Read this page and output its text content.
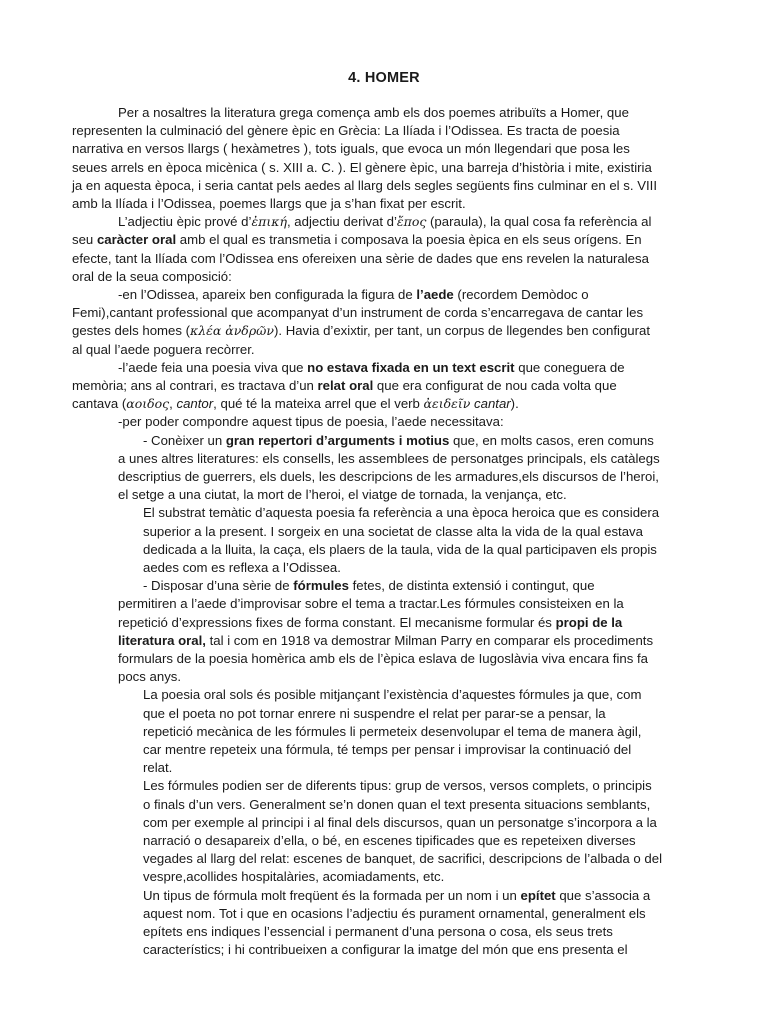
4. HOMER
Per a nosaltres la literatura grega comença amb els dos poemes atribuïts a Homer, que
representen la culminació del gènere èpic en Grècia: La Ilíada i l’Odissea. Es tracta de poesia
narrativa en versos llargs ( hexàmetres ), tots iguals, que evoca un món llegendari que posa les
seues arrels en època micènica ( s. XIII a. C. ). El gènere èpic, una barreja d’història i mite, existiria
ja en aquesta època, i seria cantat pels aedes al llarg dels segles següents fins culminar en el s. VIII
amb la Ilíada i l’Odissea, poemes llargs que ja s’han fixat per escrit.
L’adjectiu èpic prové d’ἐπική, adjectiu derivat d’ἔπος (paraula), la qual cosa fa referència al
seu caràcter oral amb el qual es transmetia i composava la poesia èpica en els seus orígens. En
efecte, tant la Ilíada com l’Odissea ens ofereixen una sèrie de dades que ens revelen la naturalesa
oral de la seua composició:
-en l’Odissea, apareix ben configurada la figura de l’aede (recordem Demòdoc o
Femi),cantant professional que acompanyat d’un instrument de corda s’encarregava de cantar les
gestes dels homes (κλέα ἀνδρῶν). Havia d’exixtir, per tant, un corpus de llegendes ben configurat
al qual l’aede poguera recòrrer.
-l’aede feia una poesia viva que no estava fixada en un text escrit que coneguera de
memòria; ans al contrari, es tractava d’un relat oral que era configurat de nou cada volta que
cantava (αοιδος, cantor, qué té la mateixa arrel que el verb ἀειδεῖν cantar).
-per poder compondre aquest tipus de poesia, l’aede necessitava:
- Conèixer un gran repertori d’arguments i motius que, en molts casos, eren comuns
a unes altres literatures: els consells, les assemblees de personatges principals, els catàlegs
descriptius de guerrers, els duels, les descripcions de les armadures,els discursos de l’heroi,
el setge a una ciutat, la mort de l’heroi, el viatge de tornada, la venjança, etc.
El substrat temàtic d’aquesta poesia fa referència a una època heroica que es considera
superior a la present. I sorgeix en una societat de classe alta la vida de la qual estava
dedicada a la lluita, la caça, els plaers de la taula, vida de la qual participaven els propis
aedes com es reflexa a l’Odissea.
- Disposar d’una sèrie de fórmules fetes, de distinta extensió i contingut, que
permitiren a l’aede d’improvisar sobre el tema a tractar.Les fórmules consisteixen en la
repetició d’expressions fixes de forma constant. El mecanisme formular és propi de la
literatura oral, tal i com en 1918 va demostrar Milman Parry en comparar els procediments
formulars de la poesia homèrica amb els de l’èpica eslava de Iugoslàvia viva encara fins fa
pocs anys.
La poesia oral sols és posible mitjançant l’existència d’aquestes fórmules ja que, com
que el poeta no pot tornar enrere ni suspendre el relat per parar-se a pensar, la
repetició mecànica de les fórmules li permeteix desenvolupar el tema de manera àgil,
car mentre repeteix una fórmula, té temps per pensar i improvisar la continuació del
relat.
Les fórmules podien ser de diferents tipus: grup de versos, versos complets, o principis
o finals d’un vers. Generalment se’n donen quan el text presenta situacions semblants,
com per exemple al principi i al final dels discursos, quan un personatge s’incorpora a la
narració o desapareix d’ella, o bé, en escenes tipificades que es repeteixen diverses
vegades al llarg del relat: escenes de banquet, de sacrifici, descripcions de l’albada o del
vespre,acollides hospitalàries, acomiadaments, etc.
Un tipus de fórmula molt freqüent és la formada per un nom i un epítet que s’associa a
aquest nom. Tot i que en ocasions l’adjectiu és purament ornamental, generalment els
epítets ens indiques l’essencial i permanent d’una persona o cosa, els seus trets
característics; i hi contribueixen a configurar la imatge del món que ens presenta el
